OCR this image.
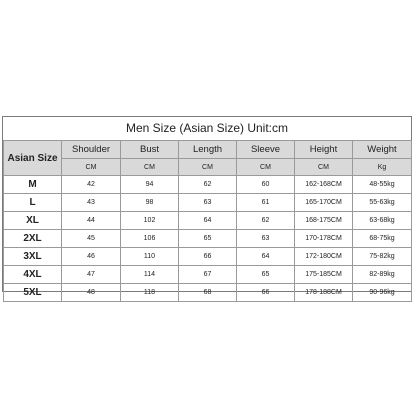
Men Size (Asian Size) Unit:cm
Asian Size	Shoulder	Bust	Length	Sleeve	Height	Weight
	CM	CM	CM	CM	CM	Kg
M	42	94	62	60	162-168CM	48-55kg
L	43	98	63	61	165-170CM	55-63kg
XL	44	102	64	62	168-175CM	63-68kg
2XL	45	106	65	63	170-178CM	68-75kg
3XL	46	110	66	64	172-180CM	75-82kg
4XL	47	114	67	65	175-185CM	82-89kg
5XL	48	118	68	66	178-188CM	90-96kg
